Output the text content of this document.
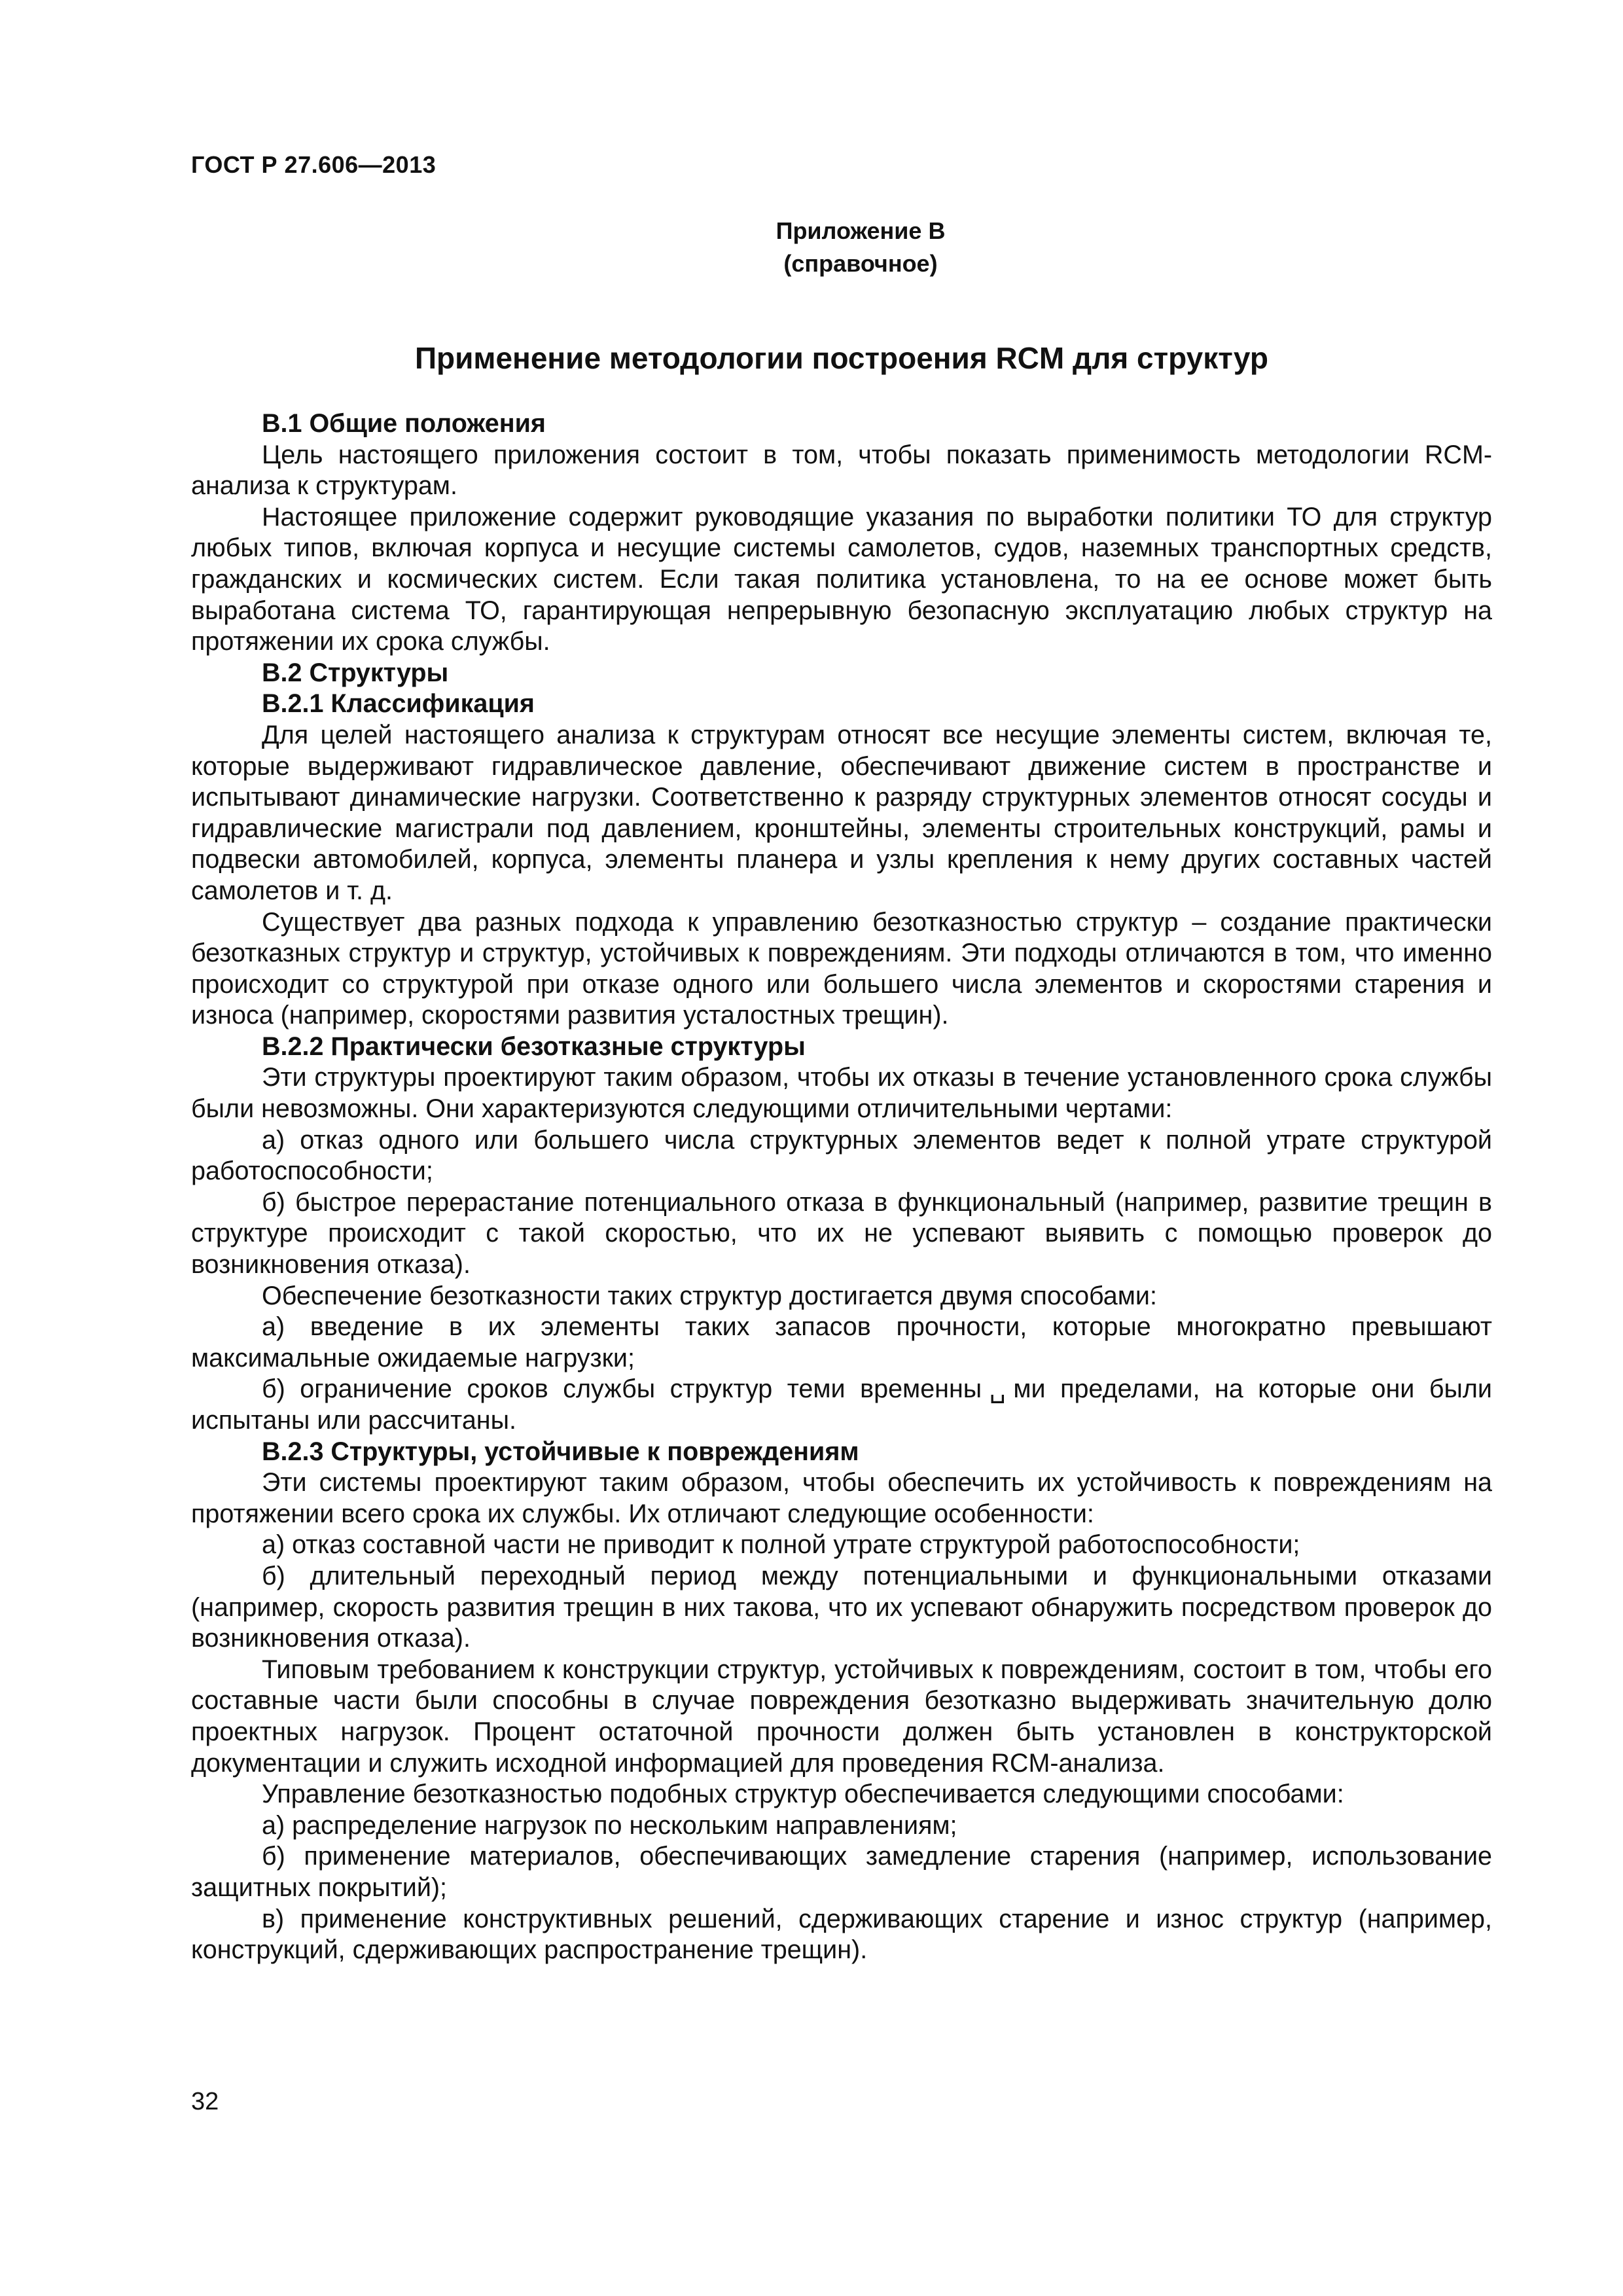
ГОСТ Р 27.606—2013
Приложение В
(справочное)
Применение методологии построения RCM для структур

В.1 Общие положения

Цель настоящего приложения состоит в том, чтобы показать применимость методологии RCM-анализа к структурам.

Настоящее приложение содержит руководящие указания по выработки политики ТО для структур любых типов, включая корпуса и несущие системы самолетов, судов, наземных транспортных средств, гражданских и космических систем. Если такая политика установлена, то на ее основе может быть выработана система ТО, гарантирующая непрерывную безопасную эксплуатацию любых структур на протяжении их срока службы.

В.2 Структуры

В.2.1 Классификация

Для целей настоящего анализа к структурам относят все несущие элементы систем, включая те, которые выдерживают гидравлическое давление, обеспечивают движение систем в пространстве и испытывают динамические нагрузки. Соответственно к разряду структурных элементов относят сосуды и гидравлические магистрали под давлением, кронштейны, элементы строительных конструкций, рамы и подвески автомобилей, корпуса, элементы планера и узлы крепления к нему других составных частей самолетов и т. д.

Существует два разных подхода к управлению безотказностью структур – создание практически безотказных структур и структур, устойчивых к повреждениям. Эти подходы отличаются в том, что именно происходит со структурой при отказе одного или большего числа элементов и скоростями старения и износа (например, скоростями развития усталостных трещин).

В.2.2 Практически безотказные структуры

Эти структуры проектируют таким образом, чтобы их отказы в течение установленного срока службы были невозможны. Они характеризуются следующими отличительными чертами:

а) отказ одного или большего числа структурных элементов ведет к полной утрате структурой работоспособности;

б) быстрое перерастание потенциального отказа в функциональный (например, развитие трещин в структуре происходит с такой скоростью, что их не успевают выявить с помощью проверок до возникновения отказа).

Обеспечение безотказности таких структур достигается двумя способами:

а) введение в их элементы таких запасов прочности, которые многократно превышают максимальные ожидаемые нагрузки;

б) ограничение сроков службы структур теми временны␣ми пределами, на которые они были испытаны или рассчитаны.

В.2.3 Структуры, устойчивые к повреждениям

Эти системы проектируют таким образом, чтобы обеспечить их устойчивость к повреждениям на протяжении всего срока их службы. Их отличают следующие особенности:

а) отказ составной части не приводит к полной утрате структурой работоспособности;

б) длительный переходный период между потенциальными и функциональными отказами (например, скорость развития трещин в них такова, что их успевают обнаружить посредством проверок до возникновения отказа).

Типовым требованием к конструкции структур, устойчивых к повреждениям, состоит в том, чтобы его составные части были способны в случае повреждения безотказно выдерживать значительную долю проектных нагрузок. Процент остаточной прочности должен быть установлен в конструкторской документации и служить исходной информацией для проведения RCM-анализа.

Управление безотказностью подобных структур обеспечивается следующими способами:

а) распределение нагрузок по нескольким направлениям;

б) применение материалов, обеспечивающих замедление старения (например, использование защитных покрытий);

в) применение конструктивных решений, сдерживающих старение и износ структур (например, конструкций, сдерживающих распространение трещин).

32
